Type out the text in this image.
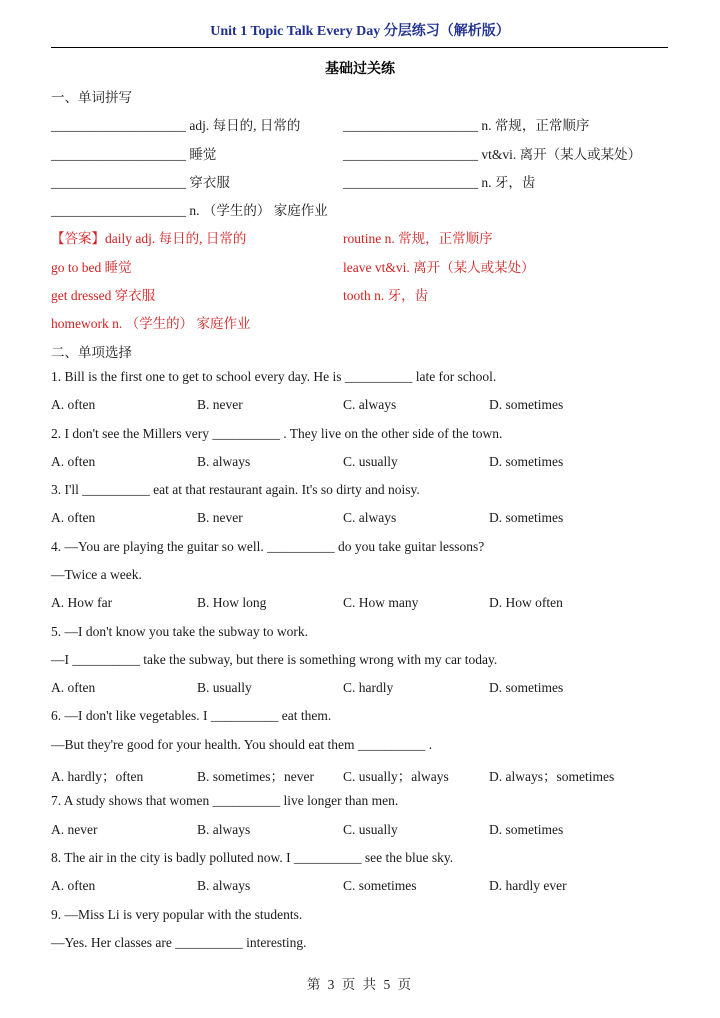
Unit 1 Topic Talk Every Day 分层练习（解析版）
基础过关练
一、单词拼写
____________________ adj. 每日的, 日常的	____________________ n. 常规，正常顺序
____________________ 睡觉	____________________ vt&vi. 离开（某人或某处）
____________________ 穿衣服	____________________ n. 牙，齿
____________________ n. （学生的） 家庭作业
【答案】daily adj. 每日的, 日常的	routine n. 常规，正常顺序
go to bed 睡觉	leave vt&vi. 离开（某人或某处）
get dressed 穿衣服	tooth n. 牙，齿
homework n. （学生的） 家庭作业
二、单项选择
1. Bill is the first one to get to school every day. He is __________ late for school.
A. often	B. never	C. always	D. sometimes
2. I don't see the Millers very __________ . They live on the other side of the town.
A. often	B. always	C. usually	D. sometimes
3. I'll __________ eat at that restaurant again. It's so dirty and noisy.
A. often	B. never	C. always	D. sometimes
4. —You are playing the guitar so well. __________ do you take guitar lessons?
—Twice a week.
A. How far	B. How long	C. How many	D. How often
5. —I don't know you take the subway to work.
—I __________ take the subway, but there is something wrong with my car today.
A. often	B. usually	C. hardly	D. sometimes
6. —I don't like vegetables. I __________ eat them.
—But they're good for your health. You should eat them __________ .
A. hardly；often	B. sometimes；never C. usually；always	D. always；sometimes
7. A study shows that women __________ live longer than men.
A. never	B. always	C. usually	D. sometimes
8. The air in the city is badly polluted now. I __________ see the blue sky.
A. often	B. always	C. sometimes	D. hardly ever
9. —Miss Li is very popular with the students.
—Yes. Her classes are __________ interesting.
第 3 页 共 5 页
